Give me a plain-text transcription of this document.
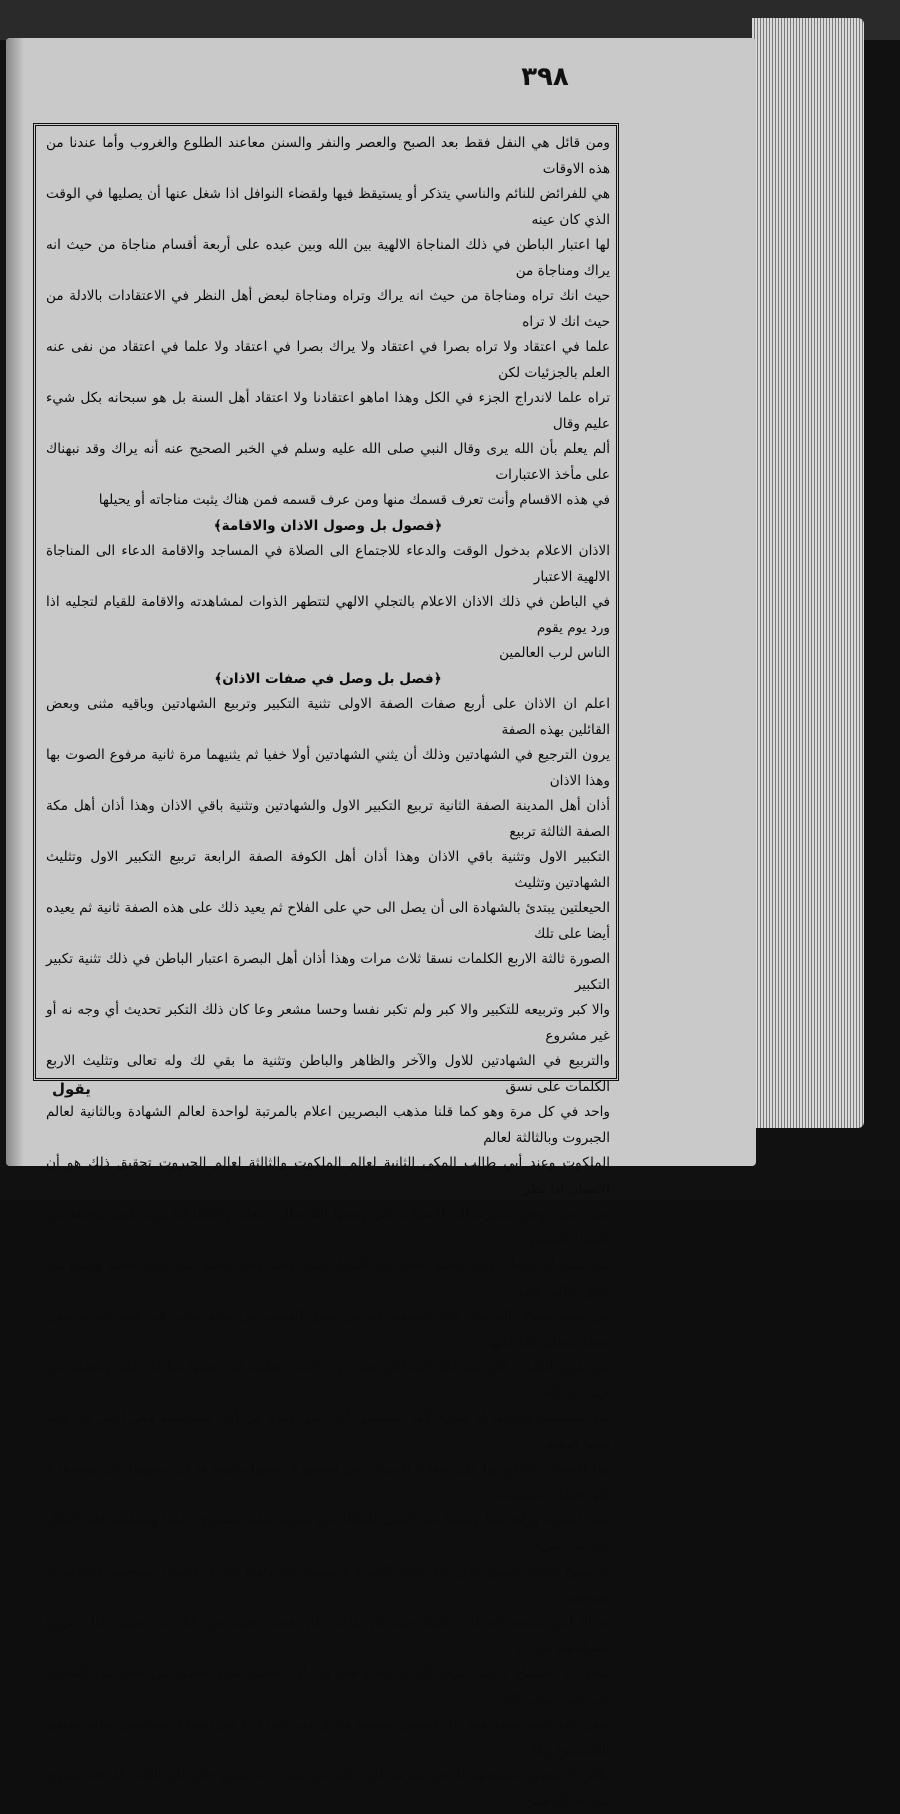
٣٩٨

ومن قائل هي النفل فقط بعد الصبح والعصر والنفر والسنن معاعند الطلوع والغروب وأما عندنا من هذه الاوقات

هي للفرائض للنائم والناسي يتذكر أو يستيقظ فيها ولقضاء النوافل اذا شغل عنها أن يصليها في الوقت الذي كان عينه

لها اعتبار الباطن في ذلك المناجاة الالهية بين الله وبين عبده على أربعة أقسام مناجاة من حيث انه يراك ومناجاة من

حيث انك تراه ومناجاة من حيث انه يراك وتراه ومناجاة لبعض أهل النظر في الاعتقادات بالادلة من حيث انك لا تراه

علما في اعتقاد ولا تراه بصرا في اعتقاد ولا يراك بصرا في اعتقاد ولا علما في اعتقاد من نفى عنه العلم بالجزئيات لكن

تراه علما لاندراج الجزء في الكل وهذا اماهو اعتقادنا ولا اعتقاد أهل السنة بل هو سبحانه بكل شيء عليم وقال

ألم يعلم بأن الله يرى وقال النبي صلى الله عليه وسلم في الخبر الصحيح عنه أنه يراك وقد نبهناك على مأخذ الاعتبارات

في هذه الاقسام وأنت تعرف قسمك منها ومن عرف قسمه فمن هناك يثبت مناجاته أو يحيلها

﴿فصول بل وصول الاذان والاقامة﴾

الاذان الاعلام بدخول الوقت والدعاء للاجتماع الى الصلاة في المساجد والاقامة الدعاء الى المناجاة الالهية الاعتبار

في الباطن في ذلك الاذان الاعلام بالتجلي الالهي لتتطهر الذوات لمشاهدته والاقامة للقيام لتجليه اذا ورد يوم يقوم

الناس لرب العالمين

﴿فصل بل وصل في صفات الاذان﴾

اعلم ان الاذان على أربع صفات الصفة الاولى تثنية التكبير وتربيع الشهادتين وباقيه مثنى وبعض القائلين بهذه الصفة

يرون الترجيع في الشهادتين وذلك أن يثني الشهادتين أولا خفيا ثم يثنيهما مرة ثانية مرفوع الصوت بها وهذا الاذان

أذان أهل المدينة الصفة الثانية تربيع التكبير الاول والشهادتين وتثنية باقي الاذان وهذا أذان أهل مكة الصفة الثالثة تربيع

التكبير الاول وتثنية باقي الاذان وهذا أذان أهل الكوفة الصفة الرابعة تربيع التكبير الاول وتثليث الشهادتين وتثليث

الحيعلتين يبتدئ بالشهادة الى أن يصل الى حي على الفلاح ثم يعيد ذلك على هذه الصفة ثانية ثم يعيده أيضا على تلك

الصورة ثالثة الاربع الكلمات نسقا ثلاث مرات وهذا أذان أهل البصرة اعتبار الباطن في ذلك تثنية تكبير التكبير

والا كبر وتربيعه للتكبير والا كبر ولم تكبر نفسا وحسا مشعر وعا كان ذلك التكبر تحديث أي وجه نه أو غير مشروع

والتربيع في الشهادتين للاول والآخر والظاهر والباطن وتثنية ما بقي لك وله تعالى وتثليث الاربع الكلمات على نسق

واحد في كل مرة وهو كما قلنا مذهب البصريين اعلام بالمرتبة لواحدة لعالم الشهادة وبالثانية لعالم الجبروت وبالثالثة لعالم

الملكوت وعند أبي طالب المكي الثانية لعالم الملكوت والثالثة لعالم الجبروت تحقيق ذلك هو أن الانسان اذا نظر

بعين بصره وعين بصيرته الى الاسباب التي وضعها الله تعالى شعائر وأعلاما لما يريد تكوينه وخلقه من الاشياء المسبق

في علمه أن يربط الوجود بعضه ببعض ودل الدليل على توقف وجود بعضه على وجود بعضه وسمع ثناء الحق تعالى على

من عظم شعائر الله وان ذلك التعظيم لها من تقوى القلوب في قوله تعالى في كتابه العزيز ومن يعظم شعائر الله فانها

من تقوى القلوب قال عند ذلك الله أكبر يقول وان كانت عظمة في نفسها بما دل عليه وعظمة من حيث ان الله

أمر بتعظيمها فوجدها أو جعلها الآمر بتعظيمها أكبر منها وهذه هي أكبر للمفاضلة وهي أفعل من فلما أنهما كوشف

هذا الانسان الناطق بها على حقارة الاسباب في أنفسها لا نفسها وافتقارها في وجودها الى موجدها لا كلها افتقار المسببات

على السواء ورآها عينا وكشفا عند كشف الغطاء عن بصره ناطقة بتسبيح خالقها وتعظيمه فانه القائل وان من شيء

الا يسبح بحمده تسبيح نطق يليق بذلك الشيء لا تسبيح حال ولهذا قال لا تفقهون تسبيحهم لاختلاف ما يسمعون

به الا لمن سمعه انه كان حليما حيث لم يؤاخذ ولم يعجل عقوبة من قال انه تسبيح حال غرورا ستراطهم عن أن

تتعلق به الاسماع لا لمن خرق الله له العادة فقد ورد أن الحصى سبح بحضور من حضر من الصحابة في كف رسول الله

صلى الله عليه وسلم وما زال الحصى مسبحا وخرق امر العادة الا في اسماع السامعين لذلك بتعلقها بالمسموع وقال

ولكن لا تفقهون تسبيحهم الا في معرض الرد على من يقول أنه تسبيح حال فان العالم كله قد تساوى في الدلالة فمن

يقول
